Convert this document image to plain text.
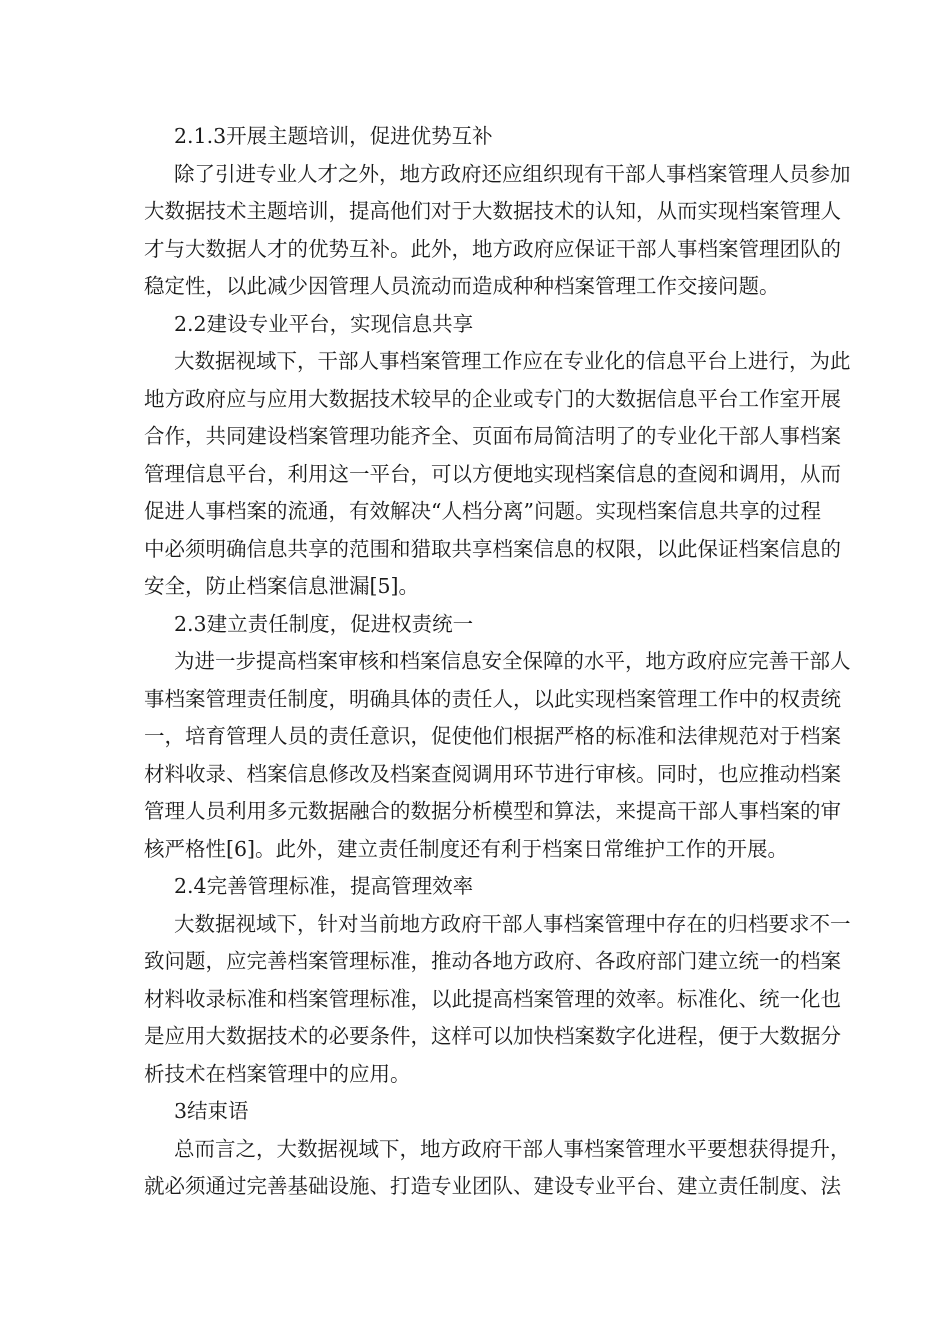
2.1.3开展主题培训，促进优势互补
除 了 引 进 专 业 人 才 之 外 ， 地 方 政 府 还 应 组 织 现 有 干 部 人 事 档 案 管 理 人 员 参 加
大 数 据 技 术 主 题 培 训 ， 提 高 他 们 对 于 大 数 据 技 术 的 认 知 ， 从 而 实 现 档 案 管 理 人
才 与 大 数 据 人 才 的 优 势 互 补 。 此 外 ， 地 方 政 府 应 保 证 干 部 人 事 档 案 管 理 团 队 的
稳定性，以此减少因管理人员流动而造成种种档案管理工作交接问题。
2.2建设专业平台，实现信息共享
大 数 据 视 域 下 ， 干 部 人 事 档 案 管 理 工 作 应 在 专 业 化 的 信 息 平 台 上 进 行 ， 为 此
地 方 政 府 应 与 应 用 大 数 据 技 术 较 早 的 企 业 或 专 门 的 大 数 据 信 息 平 台 工 作 室 开 展
合 作 ， 共 同 建 设 档 案 管 理 功 能 齐 全 、 页 面 布 局 简 洁 明 了 的 专 业 化 干 部 人 事 档 案
管 理 信 息 平 台 ， 利 用 这 一 平 台 ， 可 以 方 便 地 实 现 档 案 信 息 的 查 阅 和 调 用 ， 从 而
促 进 人 事 档 案 的 流 通 ， 有 效 解 决 “ 人 档 分 离 ” 问 题 。 实 现 档 案 信 息 共 享 的 过 程
中 必 须 明 确 信 息 共 享 的 范 围 和 猎 取 共 享 档 案 信 息 的 权 限 ， 以 此 保 证 档 案 信 息 的
安全，防止档案信息泄漏[5]。
2.3建立责任制度，促进权责统一
为 进 一 步 提 高 档 案 审 核 和 档 案 信 息 安 全 保 障 的 水 平 ， 地 方 政 府 应 完 善 干 部 人
事 档 案 管 理 责 任 制 度 ， 明 确 具 体 的 责 任 人 ， 以 此 实 现 档 案 管 理 工 作 中 的 权 责 统
一 ， 培 育 管 理 人 员 的 责 任 意 识 ， 促 使 他 们 根 据 严 格 的 标 准 和 法 律 规 范 对 于 档 案
材 料 收 录 、 档 案 信 息 修 改 及 档 案 查 阅 调 用 环 节 进 行 审 核 。 同 时 ， 也 应 推 动 档 案
管 理 人 员 利 用 多 元 数 据 融 合 的 数 据 分 析 模 型 和 算 法 ， 来 提 高 干 部 人 事 档 案 的 审
核严格性[6]。此外，建立责任制度还有利于档案日常维护工作的开展。
2.4完善管理标准，提高管理效率
大 数 据 视 域 下 ， 针 对 当 前 地 方 政 府 干 部 人 事 档 案 管 理 中 存 在 的 归 档 要 求 不 一
致 问 题 ， 应 完 善 档 案 管 理 标 准 ， 推 动 各 地 方 政 府 、 各 政 府 部 门 建 立 统 一 的 档 案
材 料 收 录 标 准 和 档 案 管 理 标 准 ， 以 此 提 高 档 案 管 理 的 效 率 。 标 准 化 、 统 一 化 也
是 应 用 大 数 据 技 术 的 必 要 条 件 ， 这 样 可 以 加 快 档 案 数 字 化 进 程 ， 便 于 大 数 据 分
析技术在档案管理中的应用。
3结束语
总 而 言 之 ， 大 数 据 视 域 下 ， 地 方 政 府 干 部 人 事 档 案 管 理 水 平 要 想 获 得 提 升 ，
就 必 须 通 过 完 善 基 础 设 施 、 打 造 专 业 团 队 、 建 设 专 业 平 台 、 建 立 责 任 制 度 、 法
